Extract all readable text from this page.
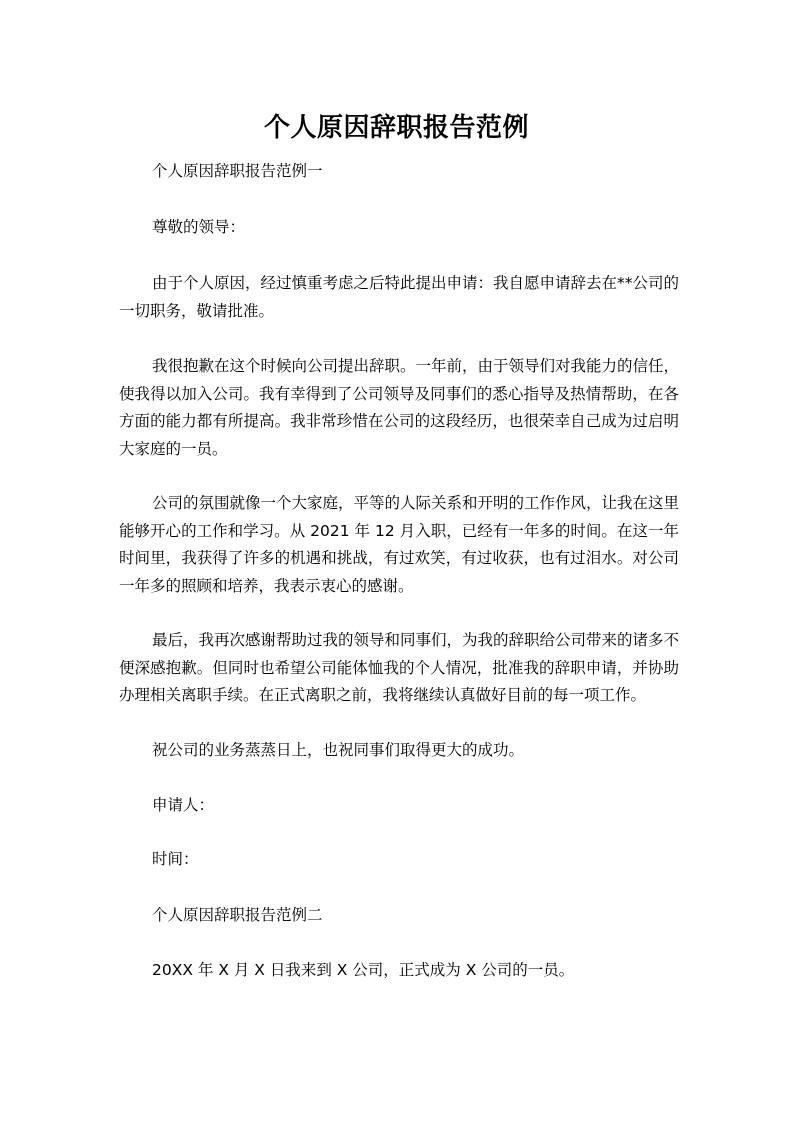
个人原因辞职报告范例

个人原因辞职报告范例一

尊敬的领导：

由于个人原因，经过慎重考虑之后特此提出申请：我自愿申请辞去在**公司的一切职务，敬请批准。

我很抱歉在这个时候向公司提出辞职。一年前，由于领导们对我能力的信任，使我得以加入公司。我有幸得到了公司领导及同事们的悉心指导及热情帮助，在各方面的能力都有所提高。我非常珍惜在公司的这段经历，也很荣幸自己成为过启明大家庭的一员。

公司的氛围就像一个大家庭，平等的人际关系和开明的工作作风，让我在这里能够开心的工作和学习。从 2021 年 12 月入职，已经有一年多的时间。在这一年时间里，我获得了许多的机遇和挑战，有过欢笑，有过收获，也有过泪水。对公司一年多的照顾和培养，我表示衷心的感谢。

最后，我再次感谢帮助过我的领导和同事们，为我的辞职给公司带来的诸多不便深感抱歉。但同时也希望公司能体恤我的个人情况，批准我的辞职申请，并协助办理相关离职手续。在正式离职之前，我将继续认真做好目前的每一项工作。

祝公司的业务蒸蒸日上，也祝同事们取得更大的成功。

申请人：

时间：

个人原因辞职报告范例二

20XX 年 X 月 X 日我来到 X 公司，正式成为 X 公司的一员。
